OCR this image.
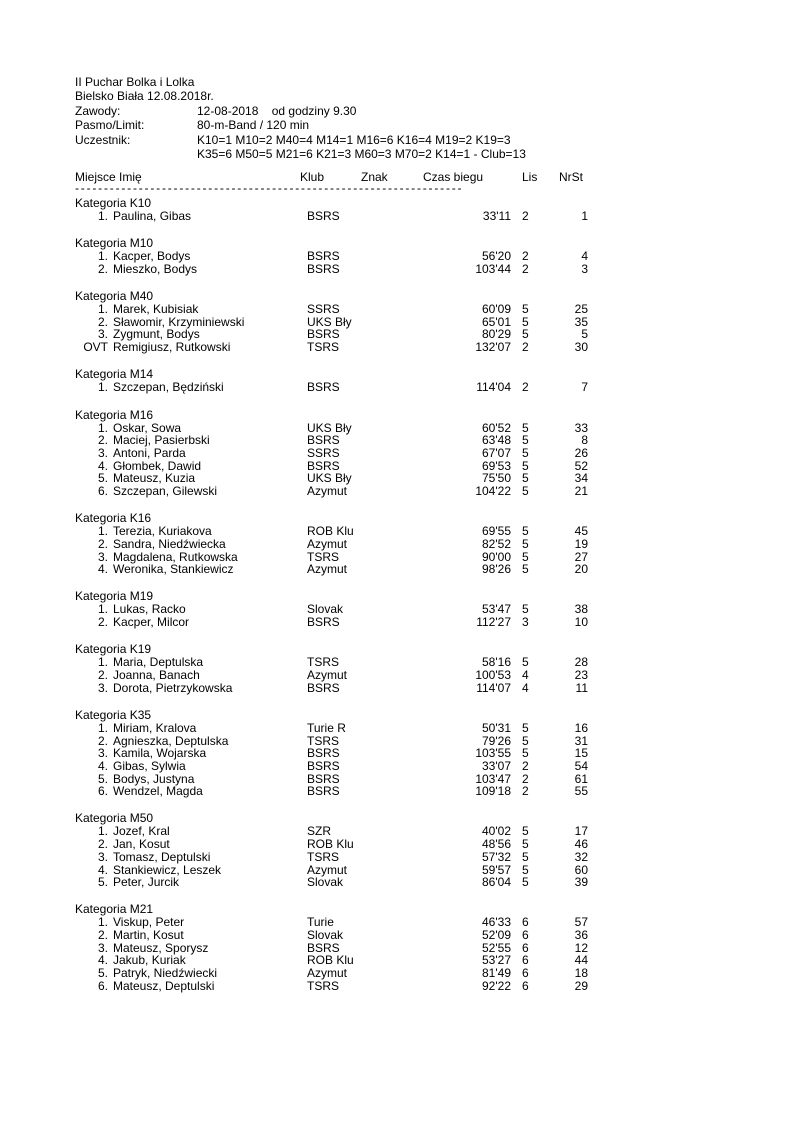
II Puchar Bolka i Lolka
Bielsko Biała 12.08.2018r.
Zawody:	12-08-2018    od godziny 9.30
Pasmo/Limit:	80-m-Band / 120 min
Uczestnik:	K10=1 M10=2 M40=4 M14=1 M16=6 K16=4 M19=2 K19=3
K35=6 M50=5 M21=6 K21=3 M60=3 M70=2 K14=1 - Club=13
Miejsce Imię	Klub	Znak	Czas biegu	Lis NrSt
-------------------------------------------------------------------
Kategoria K10
1. Paulina, Gibas	BSRS	33'11 2	1
Kategoria M10
1. Kacper, Bodys	BSRS	56'20 2	4
2. Mieszko, Bodys	BSRS	103'44 2	3
Kategoria M40
1. Marek, Kubisiak	SSRS	60'09 5	25
2. Sławomir, Krzyminiewski	UKS Bły	65'01 5	35
3. Zygmunt, Bodys	BSRS	80'29 5	5
OVT Remigiusz, Rutkowski	TSRS	132'07 2	30
Kategoria M14
1. Szczepan, Będziński	BSRS	114'04 2	7
Kategoria M16
1. Oskar, Sowa	UKS Bły	60'52 5	33
2. Maciej, Pasierbski	BSRS	63'48 5	8
3. Antoni, Parda	SSRS	67'07 5	26
4. Głombek, Dawid	BSRS	69'53 5	52
5. Mateusz, Kuzia	UKS Bły	75'50 5	34
6. Szczepan, Gilewski	Azymut	104'22 5	21
Kategoria K16
1. Terezia, Kuriakova	ROB Klu	69'55 5	45
2. Sandra, Niedźwiecka	Azymut	82'52 5	19
3. Magdalena, Rutkowska	TSRS	90'00 5	27
4. Weronika, Stankiewicz	Azymut	98'26 5	20
Kategoria M19
1. Lukas, Racko	Slovak	53'47 5	38
2. Kacper, Milcor	BSRS	112'27 3	10
Kategoria K19
1. Maria, Deptulska	TSRS	58'16 5	28
2. Joanna, Banach	Azymut	100'53 4	23
3. Dorota, Pietrzykowska	BSRS	114'07 4	11
Kategoria K35
1. Miriam, Kralova	Turie R	50'31 5	16
2. Agnieszka, Deptulska	TSRS	79'26 5	31
3. Kamila, Wojarska	BSRS	103'55 5	15
4. Gibas, Sylwia	BSRS	33'07 2	54
5. Bodys, Justyna	BSRS	103'47 2	61
6. Wendzel, Magda	BSRS	109'18 2	55
Kategoria M50
1. Jozef, Kral	SZR	40'02 5	17
2. Jan, Kosut	ROB Klu	48'56 5	46
3. Tomasz, Deptulski	TSRS	57'32 5	32
4. Stankiewicz, Leszek	Azymut	59'57 5	60
5. Peter, Jurcik	Slovak	86'04 5	39
Kategoria M21
1. Viskup, Peter	Turie	46'33 6	57
2. Martin, Kosut	Slovak	52'09 6	36
3. Mateusz, Sporysz	BSRS	52'55 6	12
4. Jakub, Kuriak	ROB Klu	53'27 6	44
5. Patryk, Niedźwiecki	Azymut	81'49 6	18
6. Mateusz, Deptulski	TSRS	92'22 6	29
